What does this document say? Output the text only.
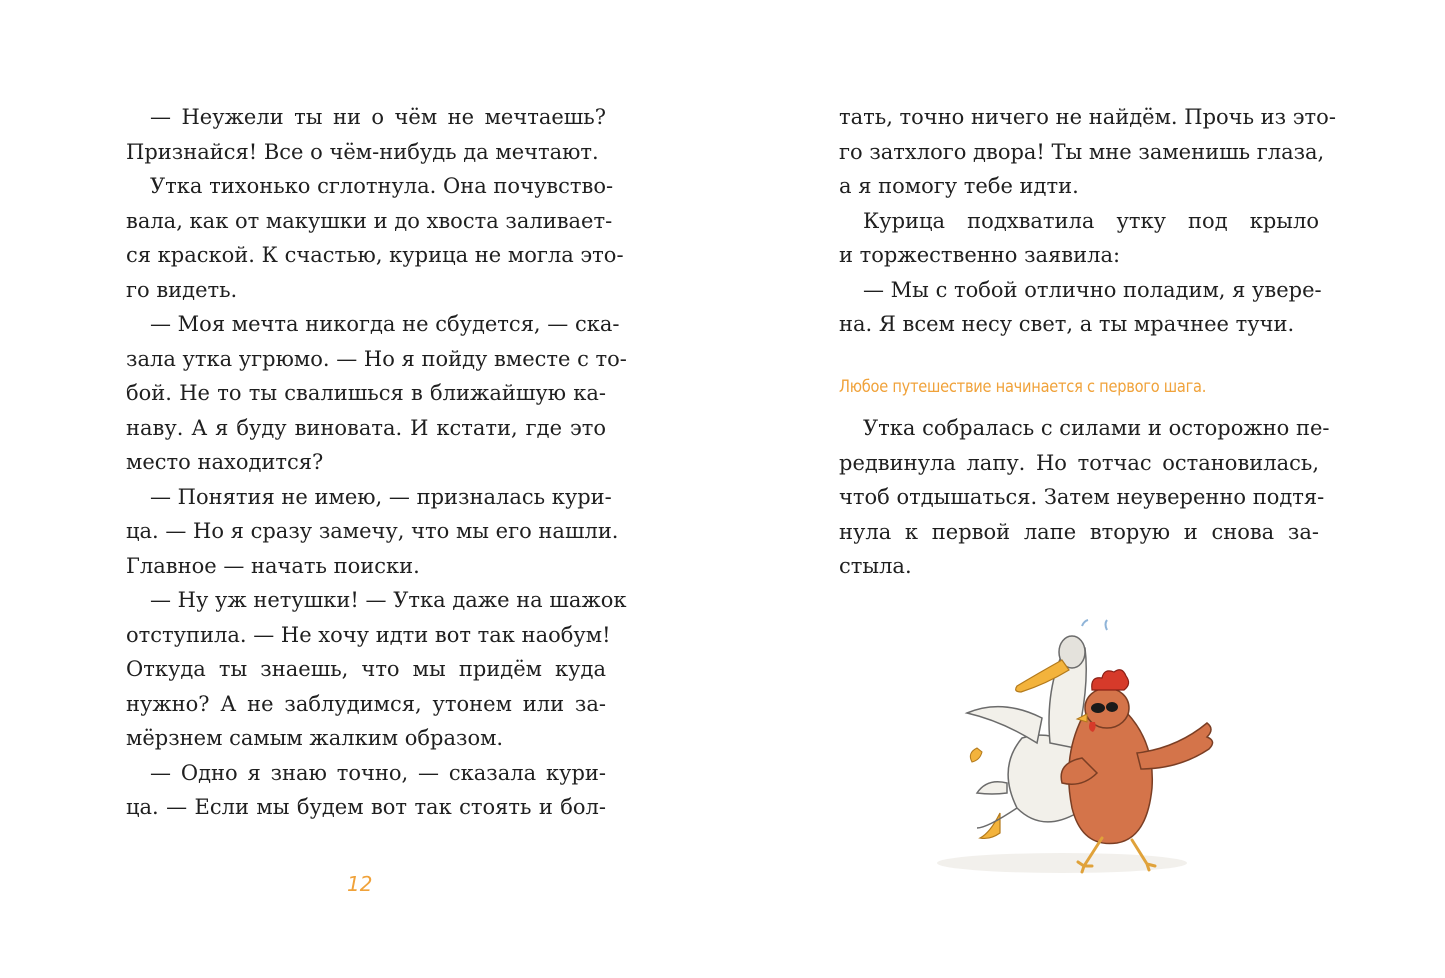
— Неужели ты ни о чём не мечтаешь?
Признайся! Все о чём-нибудь да мечтают.

Утка тихонько сглотнула. Она почувство-
вала, как от макушки и до хвоста заливает-
ся краской. К счастью, курица не могла это-
го видеть.

— Моя мечта никогда не сбудется, — ска-
зала утка угрюмо. — Но я пойду вместе с то-
бой. Не то ты свалишься в ближайшую ка-
наву. А я буду виновата. И кстати, где это
место находится?

— Понятия не имею, — призналась кури-
ца. — Но я сразу замечу, что мы его нашли.
Главное — начать поиски.

— Ну уж нетушки! — Утка даже на шажок
отступила. — Не хочу идти вот так наобум!
Откуда ты знаешь, что мы придём куда
нужно? А не заблудимся, утонем или за-
мёрзнем самым жалким образом.

— Одно я знаю точно, — сказала кури-
ца. — Если мы будем вот так стоять и бол-

12

тать, точно ничего не найдём. Прочь из это-
го затхлого двора! Ты мне заменишь глаза,
а я помогу тебе идти.

Курица подхватила утку под крыло
и торжественно заявила:

— Мы с тобой отлично поладим, я увере-
на. Я всем несу свет, а ты мрачнее тучи.

Любое путешествие начинается с первого шага.

Утка собралась с силами и осторожно пе-
редвинула лапу. Но тотчас остановилась,
чтоб отдышаться. Затем неуверенно подтя-
нула к первой лапе вторую и снова за-
стыла.
